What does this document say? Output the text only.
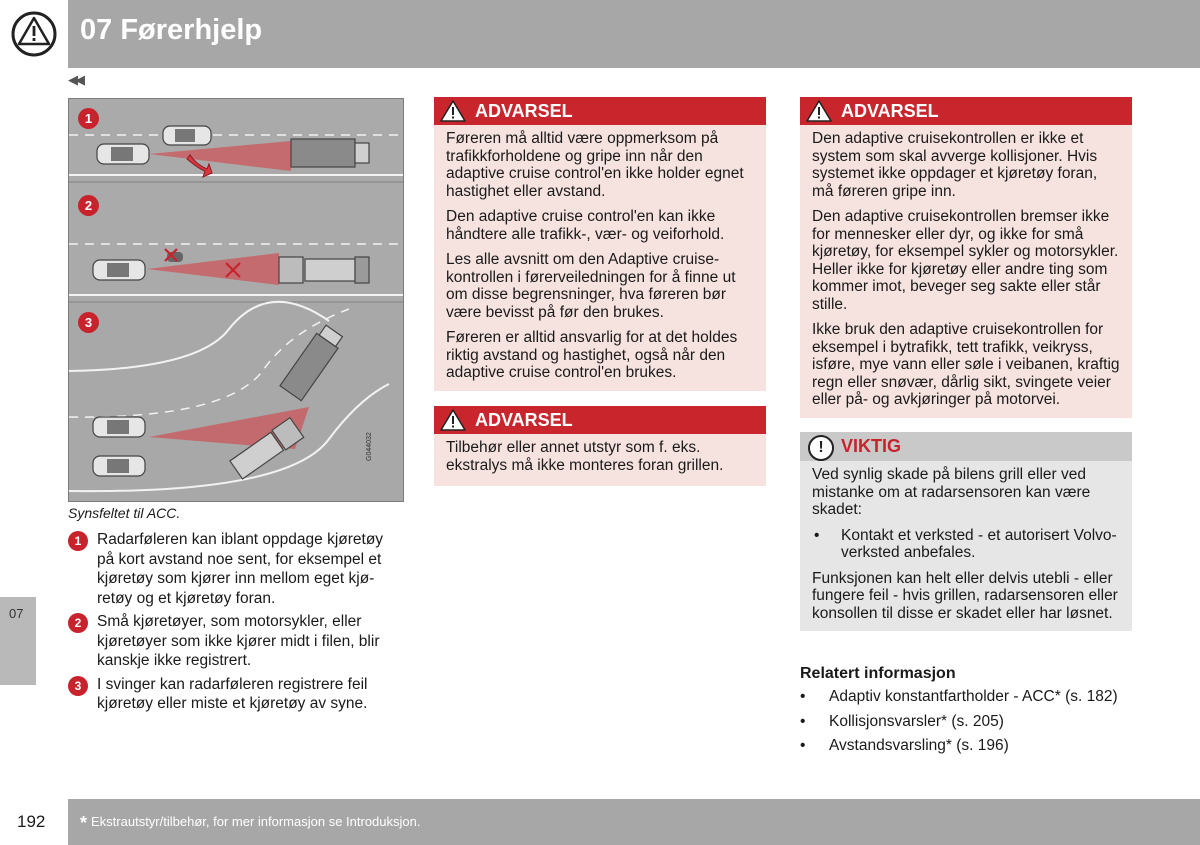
07 Førerhjelp
◀◀
07
1
2
3
G044032
Synsfeltet til ACC.
1	Radarføleren kan iblant oppdage kjøretøy på kort avstand noe sent, for eksempel et kjøretøy som kjører inn mellom eget kjøretøy og et kjøretøy foran.
2	Små kjøretøyer, som motorsykler, eller kjøretøyer som ikke kjører midt i filen, blir kanskje ikke registrert.
3	I svinger kan radarføleren registrere feil kjøretøy eller miste et kjøretøy av syne.
ADVARSEL

Føreren må alltid være oppmerksom på trafikkforholdene og gripe inn når den adaptive cruise control'en ikke holder egnet hastighet eller avstand.

Den adaptive cruise control'en kan ikke håndtere alle trafikk-, vær- og veiforhold.

Les alle avsnitt om den Adaptive cruisekontrollen i førerveiledningen for å finne ut om disse begrensninger, hva føreren bør være bevisst på før den brukes.

Føreren er alltid ansvarlig for at det holdes riktig avstand og hastighet, også når den adaptive cruise control'en brukes.

ADVARSEL

Tilbehør eller annet utstyr som f. eks. ekstralys må ikke monteres foran grillen.

ADVARSEL

Den adaptive cruisekontrollen er ikke et system som skal avverge kollisjoner. Hvis systemet ikke oppdager et kjøretøy foran, må føreren gripe inn.

Den adaptive cruisekontrollen bremser ikke for mennesker eller dyr, og ikke for små kjøretøy, for eksempel sykler og motorsykler. Heller ikke for kjøretøy eller andre ting som kommer imot, beveger seg sakte eller står stille.

Ikke bruk den adaptive cruisekontrollen for eksempel i bytrafikk, tett trafikk, veikryss, isføre, mye vann eller søle i veibanen, kraftig regn eller snøvær, dårlig sikt, svingete veier eller på- og avkjøringer på motorvei.

! VIKTIG

Ved synlig skade på bilens grill eller ved mistanke om at radarsensoren kan være skadet:

• Kontakt et verksted - et autorisert Volvo-verksted anbefales.

Funksjonen kan helt eller delvis utebli - eller fungere feil - hvis grillen, radarsensoren eller konsollen til disse er skadet eller har løsnet.

Relatert informasjon
• Adaptiv konstantfartholder - ACC* (s. 182)
• Kollisjonsvarsler* (s. 205)
• Avstandsvarsling* (s. 196)
192 * Ekstrautstyr/tilbehør, for mer informasjon se Introduksjon.
